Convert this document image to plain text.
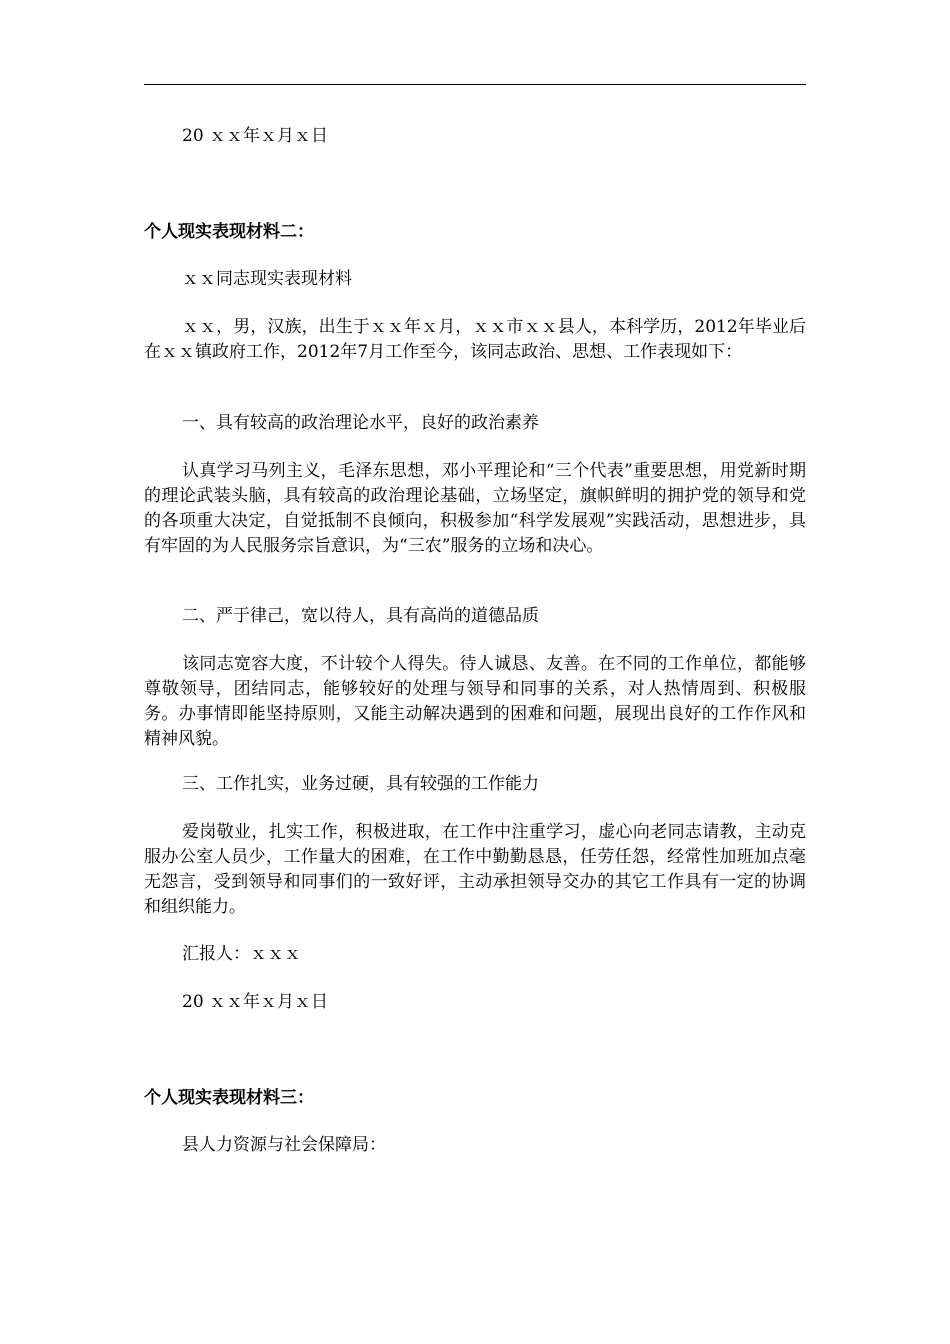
20 ｘｘ年ｘ月ｘ日

个人现实表现材料二：

ｘｘ同志现实表现材料

ｘｘ，男，汉族，出生于ｘｘ年ｘ月，ｘｘ市ｘｘ县人，本科学历，2012年毕业后在ｘｘ镇政府工作，2012年7月工作至今，该同志政治、思想、工作表现如下：

一、具有较高的政治理论水平，良好的政治素养

认真学习马列主义，毛泽东思想，邓小平理论和“三个代表”重要思想，用党新时期的理论武装头脑，具有较高的政治理论基础，立场坚定，旗帜鲜明的拥护党的领导和党的各项重大决定，自觉抵制不良倾向，积极参加“科学发展观”实践活动，思想进步，具有牢固的为人民服务宗旨意识，为“三农”服务的立场和决心。

二、严于律己，宽以待人，具有高尚的道德品质

该同志宽容大度，不计较个人得失。待人诚恳、友善。在不同的工作单位，都能够尊敬领导，团结同志，能够较好的处理与领导和同事的关系，对人热情周到、积极服务。办事情即能坚持原则，又能主动解决遇到的困难和问题，展现出良好的工作作风和精神风貌。

三、工作扎实，业务过硬，具有较强的工作能力

爱岗敬业，扎实工作，积极进取，在工作中注重学习，虚心向老同志请教，主动克服办公室人员少，工作量大的困难，在工作中勤勤恳恳，任劳任怨，经常性加班加点毫无怨言，受到领导和同事们的一致好评，主动承担领导交办的其它工作具有一定的协调和组织能力。

汇报人：ｘｘｘ

20 ｘｘ年ｘ月ｘ日

个人现实表现材料三：

县人力资源与社会保障局：
